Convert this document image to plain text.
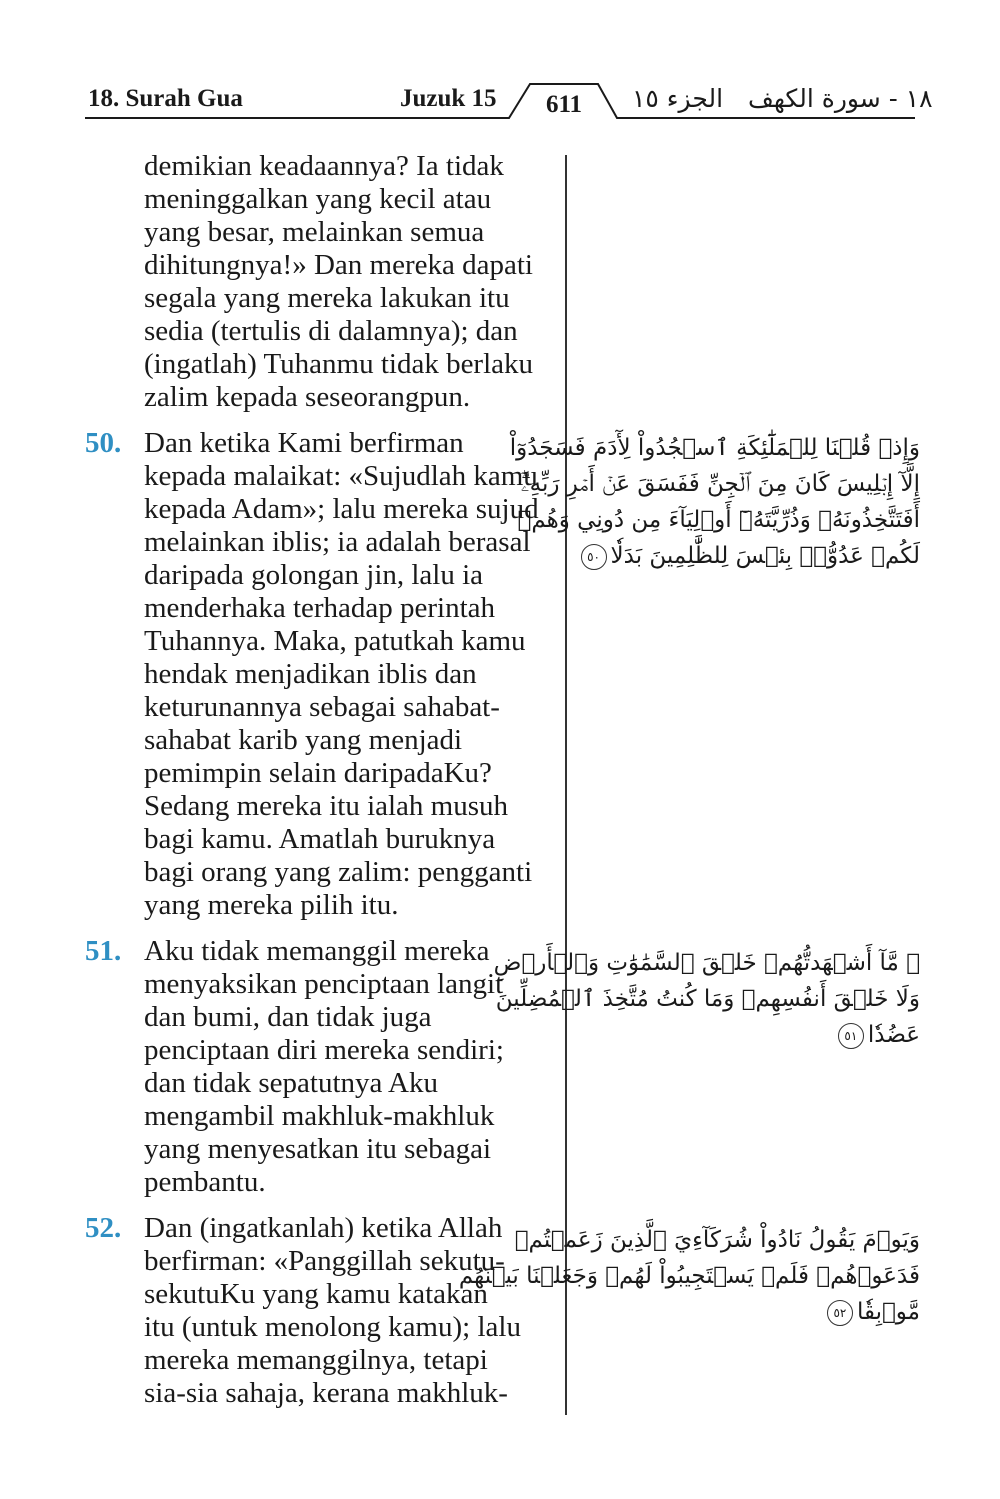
18. Surah Gua	Juzuk 15	611	الجزء ١٥ ١٨ - سورة الكهف
demikian keadaannya? Ia tidak
meninggalkan yang kecil atau
yang besar, melainkan semua
dihitungnya!» Dan mereka dapati
segala yang mereka lakukan itu
sedia (tertulis di dalamnya); dan
(ingatlah) Tuhanmu tidak berlaku
zalim kepada seseorangpun.
50. Dan ketika Kami berfirman
kepada malaikat: «Sujudlah kamu
kepada Adam»; lalu mereka sujud
melainkan iblis; ia adalah berasal
daripada golongan jin, lalu ia
menderhaka terhadap perintah
Tuhannya. Maka, patutkah kamu
hendak menjadikan iblis dan
keturunannya sebagai sahabat-
sahabat karib yang menjadi
pemimpin selain daripadaKu?
Sedang mereka itu ialah musuh
bagi kamu. Amatlah buruknya
bagi orang yang zalim: pengganti
yang mereka pilih itu.
51. Aku tidak memanggil mereka
menyaksikan penciptaan langit
dan bumi, dan tidak juga
penciptaan diri mereka sendiri;
dan tidak sepatutnya Aku
mengambil makhluk-makhluk
yang menyesatkan itu sebagai
pembantu.
52. Dan (ingatkanlah) ketika Allah
berfirman: «Panggillah sekutu-
sekutuKu yang kamu katakan
itu (untuk menolong kamu); lalu
mereka memanggilnya, tetapi
sia-sia sahaja, kerana makhluk-
وَإِذۡ قُلۡنَا لِلۡمَلَٰٓئِكَةِ ٱسۡجُدُواْ لِأٓدَمَ فَسَجَدُوٓاْ
إِلَّآ إِبۡلِيسَ كَانَ مِنَ ٱلۡجِنِّ فَفَسَقَ عَنۡ أَمۡرِ رَبِّهِۦٓۗ
أَفَتَتَّخِذُونَهُۥ وَذُرِّيَّتَهُۥٓ أَوۡلِيَآءَ مِن دُونِي وَهُمۡ
لَكُمۡ عَدُوُّۢۚ بِئۡسَ لِلظَّٰلِمِينَ بَدَلٗا٥٠
۞ مَّآ أَشۡهَدتُّهُمۡ خَلۡقَ ٱلسَّمَٰوَٰتِ وَٱلۡأَرۡضِ
وَلَا خَلۡقَ أَنفُسِهِمۡ وَمَا كُنتُ مُتَّخِذَ ٱلۡمُضِلِّينَ
عَضُدٗا٥١
وَيَوۡمَ يَقُولُ نَادُواْ شُرَكَآءِيَ ٱلَّذِينَ زَعَمۡتُمۡ
فَدَعَوۡهُمۡ فَلَمۡ يَسۡتَجِيبُواْ لَهُمۡ وَجَعَلۡنَا بَيۡنَهُم
مَّوۡبِقٗا٥٢
